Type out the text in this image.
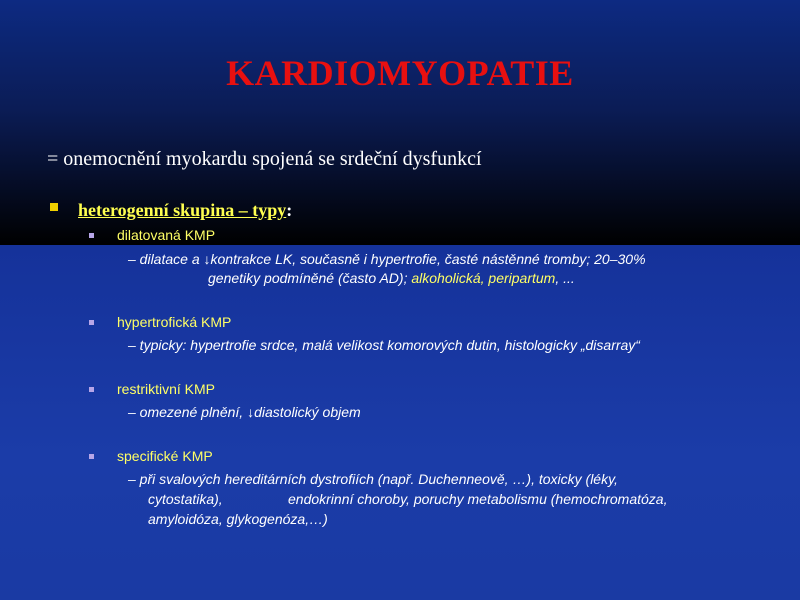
KARDIOMYOPATIE
= onemocnění myokardu spojená se srdeční dysfunkcí
heterogenní skupina – typy:
dilatovaná KMP
– dilatace a ↓kontrakce LK, současně i hypertrofie, časté nástěnné tromby; 20–30%
genetiky podmíněné (často AD); alkoholická, peripartum, ...
hypertrofická KMP
– typicky: hypertrofie srdce, malá velikost komorových dutin, histologicky „disarray“
restriktivní KMP
– omezené plnění, ↓diastolický objem
specifické KMP
– při svalových hereditárních dystrofiích (např. Duchenneově, …), toxicky (léky,
cytostatika),	endokrinní choroby, poruchy metabolismu (hemochromatóza,
amyloidóza, glykogenóza,…)
